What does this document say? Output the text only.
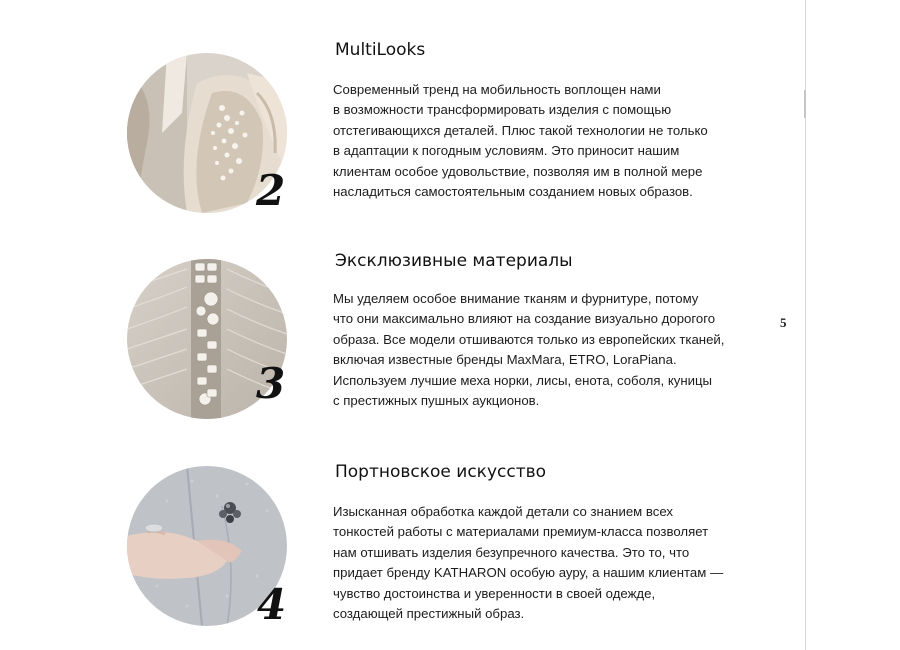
5
2
MultiLooks

Современный тренд на мобильность воплощен нами
в возможности трансформировать изделия с помощью
отстегивающихся деталей. Плюс такой технологии не только
в адаптации к погодным условиям. Это приносит нашим
клиентам особое удовольствие, позволяя им в полной мере
насладиться самостоятельным созданием новых образов.

3
Эксклюзивные материалы

Мы уделяем особое внимание тканям и фурнитуре, потому
что они максимально влияют на создание визуально дорогого
образа. Все модели отшиваются только из европейских тканей,
включая известные бренды MaxMara, ETRO, LoraPiana.
Используем лучшие меха норки, лисы, енота, соболя, куницы
с престижных пушных аукционов.

4
Портновское искусство

Изысканная обработка каждой детали со знанием всех
тонкостей работы с материалами премиум-класса позволяет
нам отшивать изделия безупречного качества. Это то, что
придает бренду KATHARON особую ауру, а нашим клиентам —
чувство достоинства и уверенности в своей одежде,
создающей престижный образ.
